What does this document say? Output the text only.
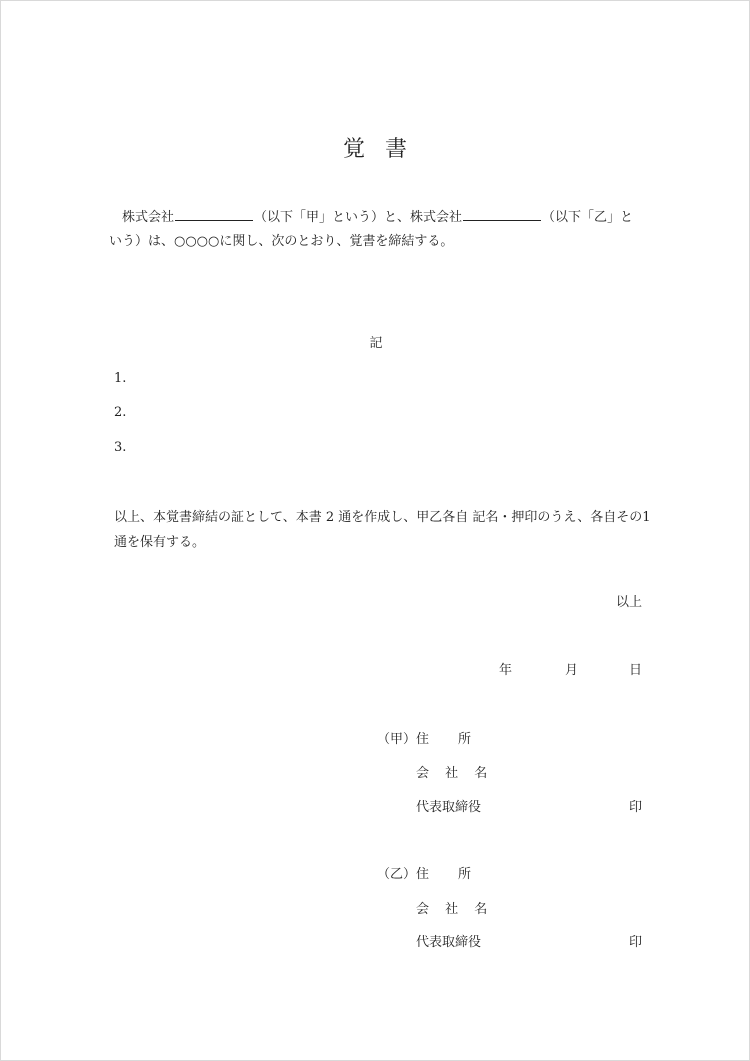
覚 書
株式会社	（以下「甲」という）と、株式会社	（以下「乙」と
いう）は、○○○○に関し、次のとおり、覚書を締結する。
記
1.
2.
3.
以上、本覚書締結の証として、本書 2 通を作成し、甲乙各自 記名・押印のうえ、各自その1
通を保有する。
以上
年	月	日
（甲） 住　　所
会 社 名
代表取締役	印
（乙） 住　　所
会 社 名
代表取締役	印
